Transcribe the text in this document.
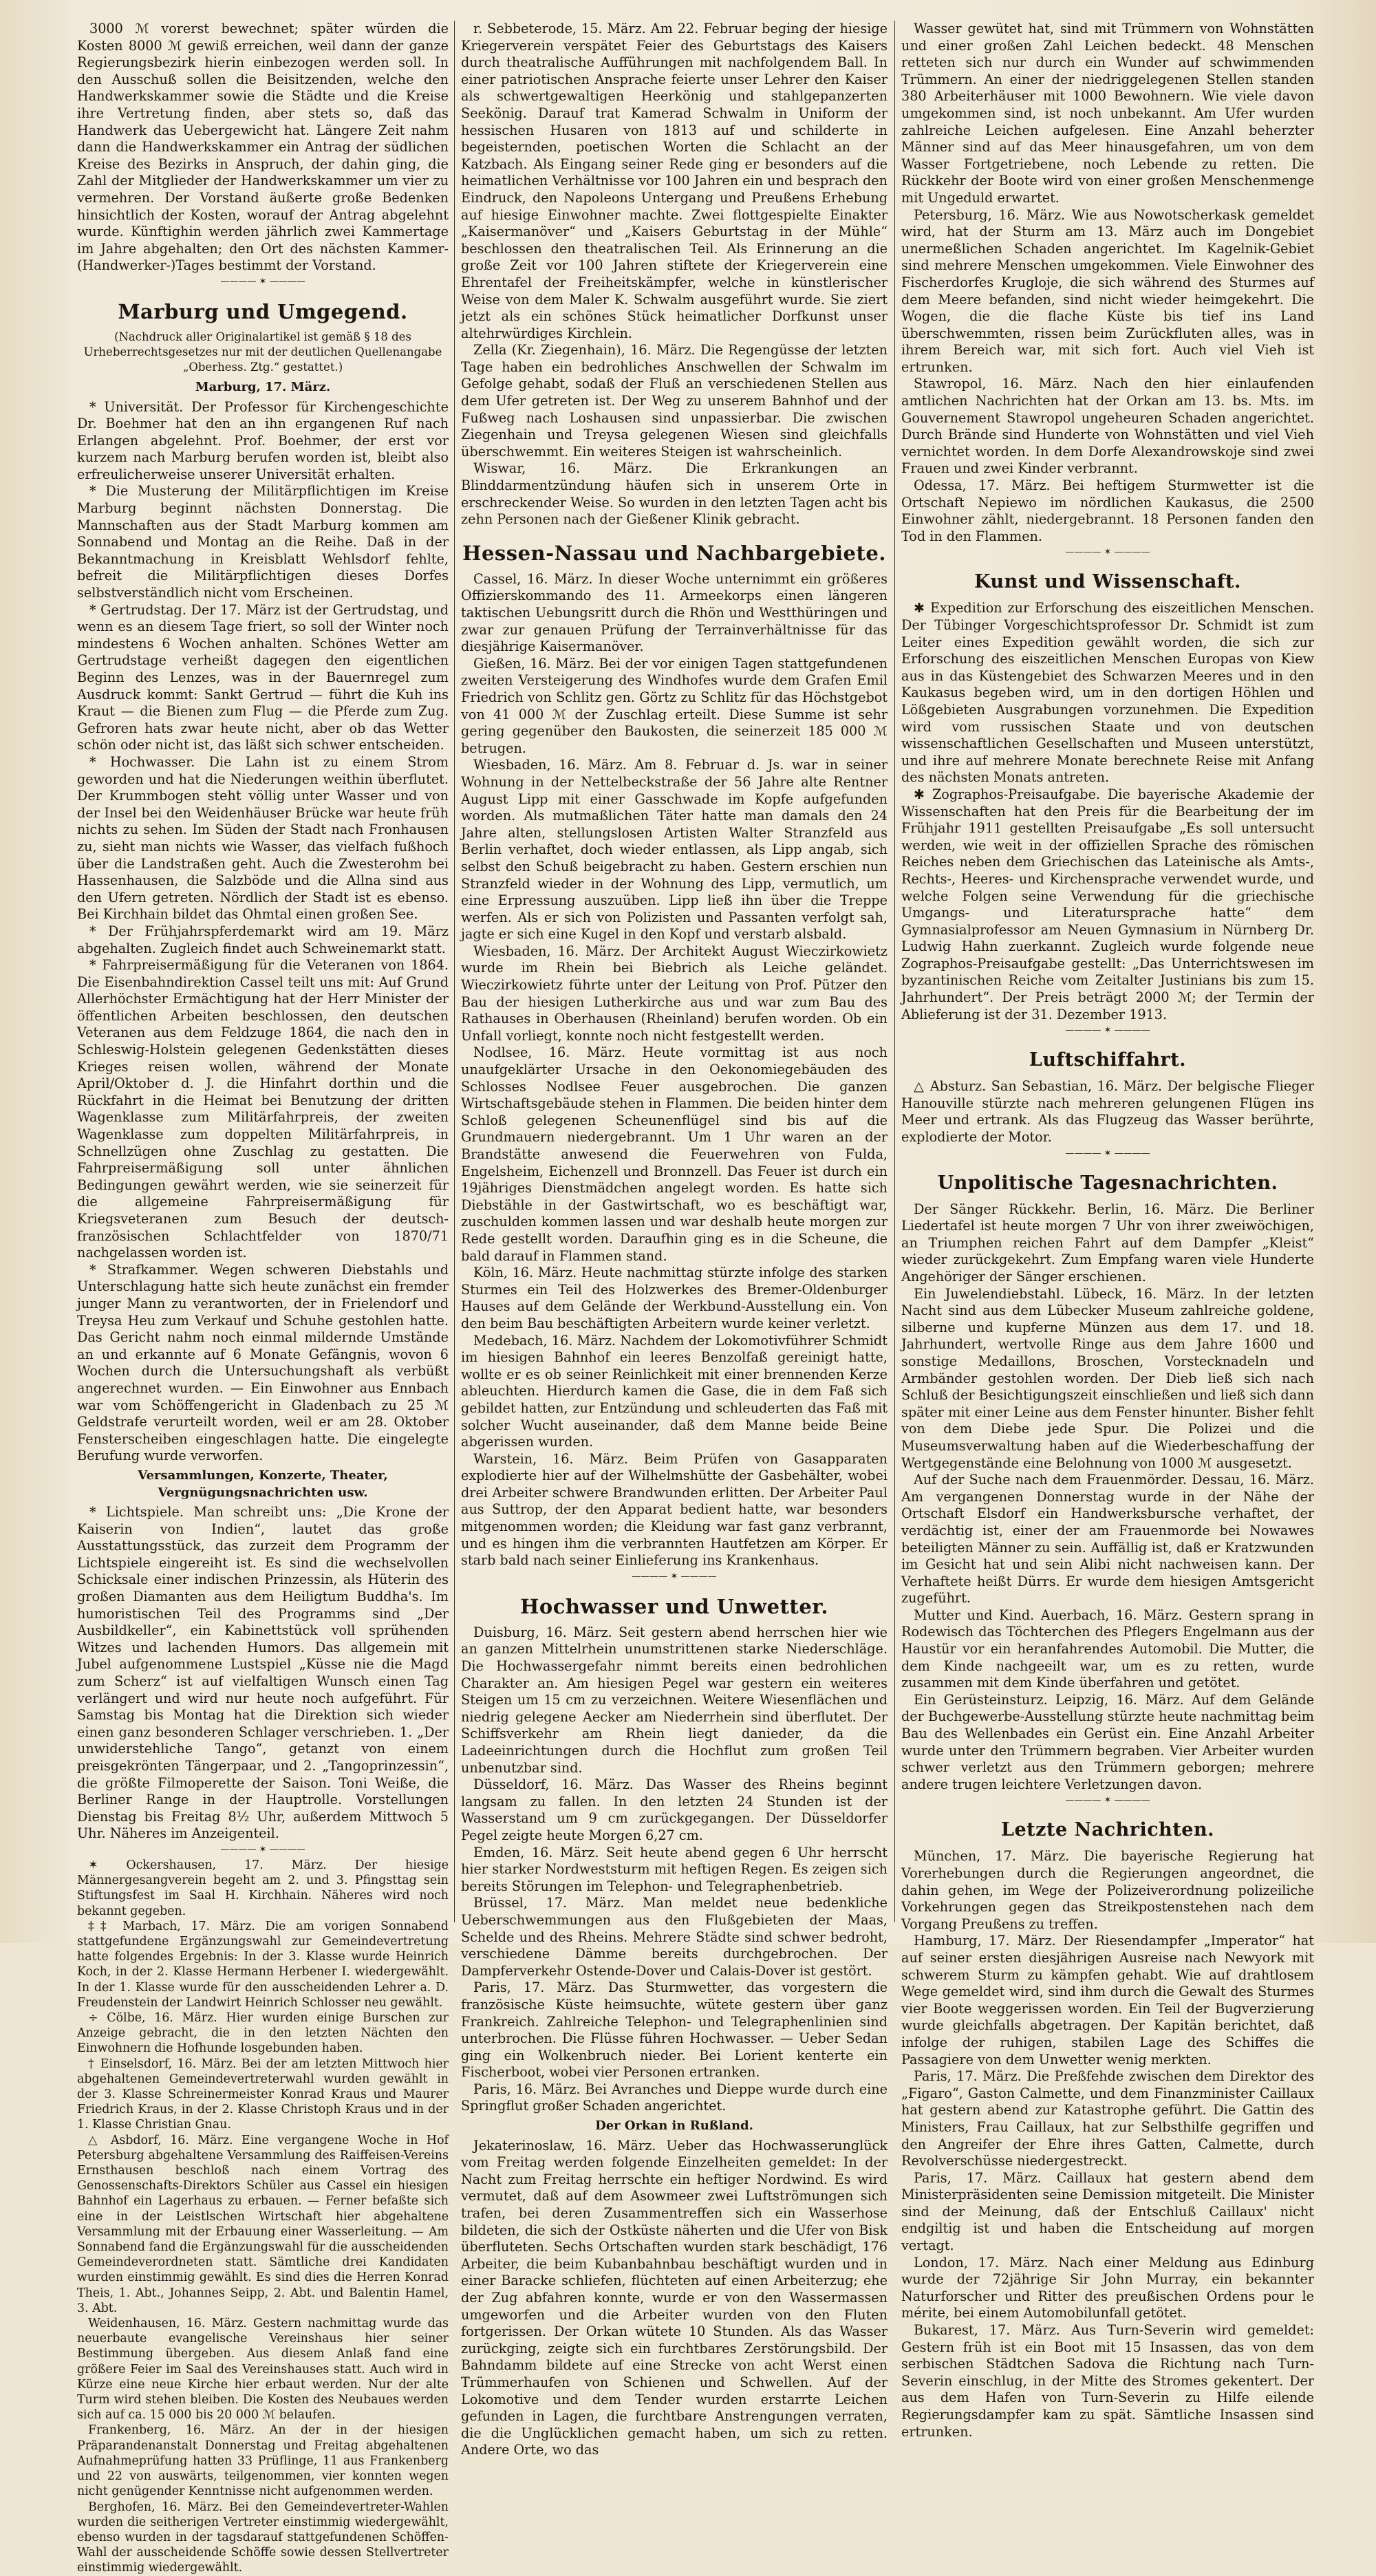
3000 ℳ vorerst bewechnet; später würden die Kosten 8000 ℳ gewiß erreichen, weil dann der ganze Regierungsbezirk hierin einbezogen werden soll. In den Ausschuß sollen die Beisitzenden, welche den Handwerkskammer sowie die Städte und die Kreise ihre Vertretung finden, aber stets so, daß das Handwerk das Uebergewicht hat. Längere Zeit nahm dann die Handwerkskammer ein Antrag der südlichen Kreise des Bezirks in Anspruch, der dahin ging, die Zahl der Mitglieder der Handwerkskammer um vier zu vermehren. Der Vorstand äußerte große Bedenken hinsichtlich der Kosten, worauf der Antrag abgelehnt wurde. Künftighin werden jährlich zwei Kammertage im Jahre abgehalten; den Ort des nächsten Kammer-(Handwerker-)Tages bestimmt der Vorstand.

———— ✶ ————
Marburg und Umgegend.
(Nachdruck aller Originalartikel ist gemäß § 18 des Urheberrechtsgesetzes nur mit der deutlichen Quellenangabe „Oberhess. Ztg.“ gestattet.)
Marburg, 17. März.

* Universität. Der Professor für Kirchengeschichte Dr. Boehmer hat den an ihn ergangenen Ruf nach Erlangen abgelehnt. Prof. Boehmer, der erst vor kurzem nach Marburg berufen worden ist, bleibt also erfreulicherweise unserer Universität erhalten.

* Die Musterung der Militärpflichtigen im Kreise Marburg beginnt nächsten Donnerstag. Die Mannschaften aus der Stadt Marburg kommen am Sonnabend und Montag an die Reihe. Daß in der Bekanntmachung in Kreisblatt Wehlsdorf fehlte, befreit die Militärpflichtigen dieses Dorfes selbstverständlich nicht vom Erscheinen.

* Gertrudstag. Der 17. März ist der Gertrudstag, und wenn es an diesem Tage friert, so soll der Winter noch mindestens 6 Wochen anhalten. Schönes Wetter am Gertrudstage verheißt dagegen den eigentlichen Beginn des Lenzes, was in der Bauernregel zum Ausdruck kommt: Sankt Gertrud — führt die Kuh ins Kraut — die Bienen zum Flug — die Pferde zum Zug. Gefroren hats zwar heute nicht, aber ob das Wetter schön oder nicht ist, das läßt sich schwer entscheiden.

* Hochwasser. Die Lahn ist zu einem Strom geworden und hat die Niederungen weithin überflutet. Der Krummbogen steht völlig unter Wasser und von der Insel bei den Weidenhäuser Brücke war heute früh nichts zu sehen. Im Süden der Stadt nach Fronhausen zu, sieht man nichts wie Wasser, das vielfach fußhoch über die Landstraßen geht. Auch die Zwesterohm bei Hassenhausen, die Salzböde und die Allna sind aus den Ufern getreten. Nördlich der Stadt ist es ebenso. Bei Kirchhain bildet das Ohmtal einen großen See.

* Der Frühjahrspferdemarkt wird am 19. März abgehalten. Zugleich findet auch Schweinemarkt statt.

* Fahrpreisermäßigung für die Veteranen von 1864. Die Eisenbahndirektion Cassel teilt uns mit: Auf Grund Allerhöchster Ermächtigung hat der Herr Minister der öffentlichen Arbeiten beschlossen, den deutschen Veteranen aus dem Feldzuge 1864, die nach den in Schleswig-Holstein gelegenen Gedenkstätten dieses Krieges reisen wollen, während der Monate April/Oktober d. J. die Hinfahrt dorthin und die Rückfahrt in die Heimat bei Benutzung der dritten Wagenklasse zum Militärfahrpreis, der zweiten Wagenklasse zum doppelten Militärfahrpreis, in Schnellzügen ohne Zuschlag zu gestatten. Die Fahrpreisermäßigung soll unter ähnlichen Bedingungen gewährt werden, wie sie seinerzeit für die allgemeine Fahrpreisermäßigung für Kriegsveteranen zum Besuch der deutsch-französischen Schlachtfelder von 1870/71 nachgelassen worden ist.

* Strafkammer. Wegen schweren Diebstahls und Unterschlagung hatte sich heute zunächst ein fremder junger Mann zu verantworten, der in Frielendorf und Treysa Heu zum Verkauf und Schuhe gestohlen hatte. Das Gericht nahm noch einmal mildernde Umstände an und erkannte auf 6 Monate Gefängnis, wovon 6 Wochen durch die Untersuchungshaft als verbüßt angerechnet wurden. — Ein Einwohner aus Ennbach war vom Schöffengericht in Gladenbach zu 25 ℳ Geldstrafe verurteilt worden, weil er am 28. Oktober Fensterscheiben eingeschlagen hatte. Die eingelegte Berufung wurde verworfen.

Versammlungen, Konzerte, Theater, Vergnügungsnachrichten usw.

* Lichtspiele. Man schreibt uns: „Die Krone der Kaiserin von Indien“, lautet das große Ausstattungsstück, das zurzeit dem Programm der Lichtspiele eingereiht ist. Es sind die wechselvollen Schicksale einer indischen Prinzessin, als Hüterin des großen Diamanten aus dem Heiligtum Buddha's. Im humoristischen Teil des Programms sind „Der Ausbildkeller“, ein Kabinettstück voll sprühenden Witzes und lachenden Humors. Das allgemein mit Jubel aufgenommene Lustspiel „Küsse nie die Magd zum Scherz“ ist auf vielfaltigen Wunsch einen Tag verlängert und wird nur heute noch aufgeführt. Für Samstag bis Montag hat die Direktion sich wieder einen ganz besonderen Schlager verschrieben. 1. „Der unwiderstehliche Tango“, getanzt von einem preisgekrönten Tängerpaar, und 2. „Tangoprinzessin“, die größte Filmoperette der Saison. Toni Weiße, die Berliner Range in der Hauptrolle. Vorstellungen Dienstag bis Freitag 8½ Uhr, außerdem Mittwoch 5 Uhr. Näheres im Anzeigenteil.

———— ✶ ————

✶ Ockershausen, 17. März. Der hiesige Männergesangverein begeht am 2. und 3. Pfingsttag sein Stiftungsfest im Saal H. Kirchhain. Näheres wird noch bekannt gegeben.

‡‡ Marbach, 17. März. Die am vorigen Sonnabend stattgefundene Ergänzungswahl zur Gemeindevertretung hatte folgendes Ergebnis: In der 3. Klasse wurde Heinrich Koch, in der 2. Klasse Hermann Herbener I. wiedergewählt. In der 1. Klasse wurde für den ausscheidenden Lehrer a. D. Freudenstein der Landwirt Heinrich Schlosser neu gewählt.

÷ Cölbe, 16. März. Hier wurden einige Burschen zur Anzeige gebracht, die in den letzten Nächten den Einwohnern die Hofhunde losgebunden haben.

† Einselsdorf, 16. März. Bei der am letzten Mittwoch hier abgehaltenen Gemeindevertreterwahl wurden gewählt in der 3. Klasse Schreinermeister Konrad Kraus und Maurer Friedrich Kraus, in der 2. Klasse Christoph Kraus und in der 1. Klasse Christian Gnau.

△ Asbdorf, 16. März. Eine vergangene Woche in Hof Petersburg abgehaltene Versammlung des Raiffeisen-Vereins Ernsthausen beschloß nach einem Vortrag des Genossenschafts-Direktors Schüler aus Cassel ein hiesigen Bahnhof ein Lagerhaus zu erbauen. — Ferner befaßte sich eine in der Leistlschen Wirtschaft hier abgehaltene Versammlung mit der Erbauung einer Wasserleitung. — Am Sonnabend fand die Ergänzungswahl für die ausscheidenden Gemeindeverordneten statt. Sämtliche drei Kandidaten wurden einstimmig gewählt. Es sind dies die Herren Konrad Theis, 1. Abt., Johannes Seipp, 2. Abt. und Balentin Hamel, 3. Abt.

Weidenhausen, 16. März. Gestern nachmittag wurde das neuerbaute evangelische Vereinshaus hier seiner Bestimmung übergeben. Aus diesem Anlaß fand eine größere Feier im Saal des Vereinshauses statt. Auch wird in Kürze eine neue Kirche hier erbaut werden. Nur der alte Turm wird stehen bleiben. Die Kosten des Neubaues werden sich auf ca. 15 000 bis 20 000 ℳ belaufen.

Frankenberg, 16. März. An der in der hiesigen Präparandenanstalt Donnerstag und Freitag abgehaltenen Aufnahmeprüfung hatten 33 Prüflinge, 11 aus Frankenberg und 22 von auswärts, teilgenommen, vier konnten wegen nicht genügender Kenntnisse nicht aufgenommen werden.

Berghofen, 16. März. Bei den Gemeindevertreter-Wahlen wurden die seitherigen Vertreter einstimmig wiedergewählt, ebenso wurden in der tagsdarauf stattgefundenen Schöffen-Wahl der ausscheidende Schöffe sowie dessen Stellvertreter einstimmig wiedergewählt.

r. Sebbeterode, 15. März. Am 22. Februar beging der hiesige Kriegerverein verspätet Feier des Geburtstags des Kaisers durch theatralische Aufführungen mit nachfolgendem Ball. In einer patriotischen Ansprache feierte unser Lehrer den Kaiser als schwertgewaltigen Heerkönig und stahlgepanzerten Seekönig. Darauf trat Kamerad Schwalm in Uniform der hessischen Husaren von 1813 auf und schilderte in begeisternden, poetischen Worten die Schlacht an der Katzbach. Als Eingang seiner Rede ging er besonders auf die heimatlichen Verhältnisse vor 100 Jahren ein und besprach den Eindruck, den Napoleons Untergang und Preußens Erhebung auf hiesige Einwohner machte. Zwei flottgespielte Einakter „Kaisermanöver“ und „Kaisers Geburtstag in der Mühle“ beschlossen den theatralischen Teil. Als Erinnerung an die große Zeit vor 100 Jahren stiftete der Kriegerverein eine Ehrentafel der Freiheitskämpfer, welche in künstlerischer Weise von dem Maler K. Schwalm ausgeführt wurde. Sie ziert jetzt als ein schönes Stück heimatlicher Dorfkunst unser altehrwürdiges Kirchlein.

Zella (Kr. Ziegenhain), 16. März. Die Regengüsse der letzten Tage haben ein bedrohliches Anschwellen der Schwalm im Gefolge gehabt, sodaß der Fluß an verschiedenen Stellen aus dem Ufer getreten ist. Der Weg zu unserem Bahnhof und der Fußweg nach Loshausen sind unpassierbar. Die zwischen Ziegenhain und Treysa gelegenen Wiesen sind gleichfalls überschwemmt. Ein weiteres Steigen ist wahrscheinlich.

Wiswar, 16. März. Die Erkrankungen an Blinddarmentzündung häufen sich in unserem Orte in erschreckender Weise. So wurden in den letzten Tagen acht bis zehn Personen nach der Gießener Klinik gebracht.

Hessen-Nassau und Nachbargebiete.

Cassel, 16. März. In dieser Woche unternimmt ein größeres Offizierskommando des 11. Armeekorps einen längeren taktischen Uebungsritt durch die Rhön und Westthüringen und zwar zur genauen Prüfung der Terrainverhältnisse für das diesjährige Kaisermanöver.

Gießen, 16. März. Bei der vor einigen Tagen stattgefundenen zweiten Versteigerung des Windhofes wurde dem Grafen Emil Friedrich von Schlitz gen. Görtz zu Schlitz für das Höchstgebot von 41 000 ℳ der Zuschlag erteilt. Diese Summe ist sehr gering gegenüber den Baukosten, die seinerzeit 185 000 ℳ betrugen.

Wiesbaden, 16. März. Am 8. Februar d. Js. war in seiner Wohnung in der Nettelbeckstraße der 56 Jahre alte Rentner August Lipp mit einer Gasschwade im Kopfe aufgefunden worden. Als mutmaßlichen Täter hatte man damals den 24 Jahre alten, stellungslosen Artisten Walter Stranzfeld aus Berlin verhaftet, doch wieder entlassen, als Lipp angab, sich selbst den Schuß beigebracht zu haben. Gestern erschien nun Stranzfeld wieder in der Wohnung des Lipp, vermutlich, um eine Erpressung auszuüben. Lipp ließ ihn über die Treppe werfen. Als er sich von Polizisten und Passanten verfolgt sah, jagte er sich eine Kugel in den Kopf und verstarb alsbald.

Wiesbaden, 16. März. Der Architekt August Wieczirkowietz wurde im Rhein bei Biebrich als Leiche geländet. Wieczirkowietz führte unter der Leitung von Prof. Pützer den Bau der hiesigen Lutherkirche aus und war zum Bau des Rathauses in Oberhausen (Rheinland) berufen worden. Ob ein Unfall vorliegt, konnte noch nicht festgestellt werden.

Nodlsee, 16. März. Heute vormittag ist aus noch unaufgeklärter Ursache in den Oekonomiegebäuden des Schlosses Nodlsee Feuer ausgebrochen. Die ganzen Wirtschaftsgebäude stehen in Flammen. Die beiden hinter dem Schloß gelegenen Scheunenflügel sind bis auf die Grundmauern niedergebrannt. Um 1 Uhr waren an der Brandstätte anwesend die Feuerwehren von Fulda, Engelsheim, Eichenzell und Bronnzell. Das Feuer ist durch ein 19jähriges Dienstmädchen angelegt worden. Es hatte sich Diebstähle in der Gastwirtschaft, wo es beschäftigt war, zuschulden kommen lassen und war deshalb heute morgen zur Rede gestellt worden. Daraufhin ging es in die Scheune, die bald darauf in Flammen stand.

Köln, 16. März. Heute nachmittag stürzte infolge des starken Sturmes ein Teil des Holzwerkes des Bremer-Oldenburger Hauses auf dem Gelände der Werkbund-Ausstellung ein. Von den beim Bau beschäftigten Arbeitern wurde keiner verletzt.

Medebach, 16. März. Nachdem der Lokomotivführer Schmidt im hiesigen Bahnhof ein leeres Benzolfaß gereinigt hatte, wollte er es ob seiner Reinlichkeit mit einer brennenden Kerze ableuchten. Hierdurch kamen die Gase, die in dem Faß sich gebildet hatten, zur Entzündung und schleuderten das Faß mit solcher Wucht auseinander, daß dem Manne beide Beine abgerissen wurden.

Warstein, 16. März. Beim Prüfen von Gasapparaten explodierte hier auf der Wilhelmshütte der Gasbehälter, wobei drei Arbeiter schwere Brandwunden erlitten. Der Arbeiter Paul aus Suttrop, der den Apparat bedient hatte, war besonders mitgenommen worden; die Kleidung war fast ganz verbrannt, und es hingen ihm die verbrannten Hautfetzen am Körper. Er starb bald nach seiner Einlieferung ins Krankenhaus.

———— ✶ ————
Hochwasser und Unwetter.

Duisburg, 16. März. Seit gestern abend herrschen hier wie an ganzen Mittelrhein unumstrittenen starke Niederschläge. Die Hochwassergefahr nimmt bereits einen bedrohlichen Charakter an. Am hiesigen Pegel war gestern ein weiteres Steigen um 15 cm zu verzeichnen. Weitere Wiesenflächen und niedrig gelegene Aecker am Niederrhein sind überflutet. Der Schiffsverkehr am Rhein liegt danieder, da die Ladeeinrichtungen durch die Hochflut zum großen Teil unbenutzbar sind.

Düsseldorf, 16. März. Das Wasser des Rheins beginnt langsam zu fallen. In den letzten 24 Stunden ist der Wasserstand um 9 cm zurückgegangen. Der Düsseldorfer Pegel zeigte heute Morgen 6,27 cm.

Emden, 16. März. Seit heute abend gegen 6 Uhr herrscht hier starker Nordweststurm mit heftigen Regen. Es zeigen sich bereits Störungen im Telephon- und Telegraphenbetrieb.

Brüssel, 17. März. Man meldet neue bedenkliche Ueberschwemmungen aus den Flußgebieten der Maas, Schelde und des Rheins. Mehrere Städte sind schwer bedroht, verschiedene Dämme bereits durchgebrochen. Der Dampferverkehr Ostende-Dover und Calais-Dover ist gestört.

Paris, 17. März. Das Sturmwetter, das vorgestern die französische Küste heimsuchte, wütete gestern über ganz Frankreich. Zahlreiche Telephon- und Telegraphenlinien sind unterbrochen. Die Flüsse führen Hochwasser. — Ueber Sedan ging ein Wolkenbruch nieder. Bei Lorient kenterte ein Fischerboot, wobei vier Personen ertranken.

Paris, 16. März. Bei Avranches und Dieppe wurde durch eine Springflut großer Schaden angerichtet.

Der Orkan in Rußland.

Jekaterinoslaw, 16. März. Ueber das Hochwasserunglück vom Freitag werden folgende Einzelheiten gemeldet: In der Nacht zum Freitag herrschte ein heftiger Nordwind. Es wird vermutet, daß auf dem Asowmeer zwei Luftströmungen sich trafen, bei deren Zusammentreffen sich ein Wasserhose bildeten, die sich der Ostküste näherten und die Ufer von Bisk überfluteten. Sechs Ortschaften wurden stark beschädigt, 176 Arbeiter, die beim Kubanbahnbau beschäftigt wurden und in einer Baracke schliefen, flüchteten auf einen Arbeiterzug; ehe der Zug abfahren konnte, wurde er von den Wassermassen umgeworfen und die Arbeiter wurden von den Fluten fortgerissen. Der Orkan wütete 10 Stunden. Als das Wasser zurückging, zeigte sich ein furchtbares Zerstörungsbild. Der Bahndamm bildete auf eine Strecke von acht Werst einen Trümmerhaufen von Schienen und Schwellen. Auf der Lokomotive und dem Tender wurden erstarrte Leichen gefunden in Lagen, die furchtbare Anstrengungen verraten, die die Unglücklichen gemacht haben, um sich zu retten. Andere Orte, wo das

Wasser gewütet hat, sind mit Trümmern von Wohnstätten und einer großen Zahl Leichen bedeckt. 48 Menschen retteten sich nur durch ein Wunder auf schwimmenden Trümmern. An einer der niedriggelegenen Stellen standen 380 Arbeiterhäuser mit 1000 Bewohnern. Wie viele davon umgekommen sind, ist noch unbekannt. Am Ufer wurden zahlreiche Leichen aufgelesen. Eine Anzahl beherzter Männer sind auf das Meer hinausgefahren, um von dem Wasser Fortgetriebene, noch Lebende zu retten. Die Rückkehr der Boote wird von einer großen Menschenmenge mit Ungeduld erwartet.

Petersburg, 16. März. Wie aus Nowotscherkask gemeldet wird, hat der Sturm am 13. März auch im Dongebiet unermeßlichen Schaden angerichtet. Im Kagelnik-Gebiet sind mehrere Menschen umgekommen. Viele Einwohner des Fischerdorfes Krugloje, die sich während des Sturmes auf dem Meere befanden, sind nicht wieder heimgekehrt. Die Wogen, die die flache Küste bis tief ins Land überschwemmten, rissen beim Zurückfluten alles, was in ihrem Bereich war, mit sich fort. Auch viel Vieh ist ertrunken.

Stawropol, 16. März. Nach den hier einlaufenden amtlichen Nachrichten hat der Orkan am 13. bs. Mts. im Gouvernement Stawropol ungeheuren Schaden angerichtet. Durch Brände sind Hunderte von Wohnstätten und viel Vieh vernichtet worden. In dem Dorfe Alexandrowskoje sind zwei Frauen und zwei Kinder verbrannt.

Odessa, 17. März. Bei heftigem Sturmwetter ist die Ortschaft Nepiewo im nördlichen Kaukasus, die 2500 Einwohner zählt, niedergebrannt. 18 Personen fanden den Tod in den Flammen.

———— ✶ ————
Kunst und Wissenschaft.

✱ Expedition zur Erforschung des eiszeitlichen Menschen. Der Tübinger Vorgeschichtsprofessor Dr. Schmidt ist zum Leiter eines Expedition gewählt worden, die sich zur Erforschung des eiszeitlichen Menschen Europas von Kiew aus in das Küstengebiet des Schwarzen Meeres und in den Kaukasus begeben wird, um in den dortigen Höhlen und Lößgebieten Ausgrabungen vorzunehmen. Die Expedition wird vom russischen Staate und von deutschen wissenschaftlichen Gesellschaften und Museen unterstützt, und ihre auf mehrere Monate berechnete Reise mit Anfang des nächsten Monats antreten.

✱ Zographos-Preisaufgabe. Die bayerische Akademie der Wissenschaften hat den Preis für die Bearbeitung der im Frühjahr 1911 gestellten Preisaufgabe „Es soll untersucht werden, wie weit in der offiziellen Sprache des römischen Reiches neben dem Griechischen das Lateinische als Amts-, Rechts-, Heeres- und Kirchensprache verwendet wurde, und welche Folgen seine Verwendung für die griechische Umgangs- und Literatursprache hatte“ dem Gymnasialprofessor am Neuen Gymnasium in Nürnberg Dr. Ludwig Hahn zuerkannt. Zugleich wurde folgende neue Zographos-Preisaufgabe gestellt: „Das Unterrichtswesen im byzantinischen Reiche vom Zeitalter Justinians bis zum 15. Jahrhundert“. Der Preis beträgt 2000 ℳ; der Termin der Ablieferung ist der 31. Dezember 1913.

———— ✶ ————
Luftschiffahrt.

△ Absturz. San Sebastian, 16. März. Der belgische Flieger Hanouville stürzte nach mehreren gelungenen Flügen ins Meer und ertrank. Als das Flugzeug das Wasser berührte, explodierte der Motor.

———— ✶ ————
Unpolitische Tagesnachrichten.

Der Sänger Rückkehr. Berlin, 16. März. Die Berliner Liedertafel ist heute morgen 7 Uhr von ihrer zweiwöchigen, an Triumphen reichen Fahrt auf dem Dampfer „Kleist“ wieder zurückgekehrt. Zum Empfang waren viele Hunderte Angehöriger der Sänger erschienen.

Ein Juwelendiebstahl. Lübeck, 16. März. In der letzten Nacht sind aus dem Lübecker Museum zahlreiche goldene, silberne und kupferne Münzen aus dem 17. und 18. Jahrhundert, wertvolle Ringe aus dem Jahre 1600 und sonstige Medaillons, Broschen, Vorstecknadeln und Armbänder gestohlen worden. Der Dieb ließ sich nach Schluß der Besichtigungszeit einschließen und ließ sich dann später mit einer Leine aus dem Fenster hinunter. Bisher fehlt von dem Diebe jede Spur. Die Polizei und die Museumsverwaltung haben auf die Wiederbeschaffung der Wertgegenstände eine Belohnung von 1000 ℳ ausgesetzt.

Auf der Suche nach dem Frauenmörder. Dessau, 16. März. Am vergangenen Donnerstag wurde in der Nähe der Ortschaft Elsdorf ein Handwerksbursche verhaftet, der verdächtig ist, einer der am Frauenmorde bei Nowawes beteiligten Männer zu sein. Auffällig ist, daß er Kratzwunden im Gesicht hat und sein Alibi nicht nachweisen kann. Der Verhaftete heißt Dürrs. Er wurde dem hiesigen Amtsgericht zugeführt.

Mutter und Kind. Auerbach, 16. März. Gestern sprang in Rodewisch das Töchterchen des Pflegers Engelmann aus der Haustür vor ein heranfahrendes Automobil. Die Mutter, die dem Kinde nachgeeilt war, um es zu retten, wurde zusammen mit dem Kinde überfahren und getötet.

Ein Gerüsteinsturz. Leipzig, 16. März. Auf dem Gelände der Buchgewerbe-Ausstellung stürzte heute nachmittag beim Bau des Wellenbades ein Gerüst ein. Eine Anzahl Arbeiter wurde unter den Trümmern begraben. Vier Arbeiter wurden schwer verletzt aus den Trümmern geborgen; mehrere andere trugen leichtere Verletzungen davon.

———— ✶ ————
Letzte Nachrichten.

München, 17. März. Die bayerische Regierung hat Vorerhebungen durch die Regierungen angeordnet, die dahin gehen, im Wege der Polizeiverordnung polizeiliche Vorkehrungen gegen das Streikpostenstehen nach dem Vorgang Preußens zu treffen.

Hamburg, 17. März. Der Riesendampfer „Imperator“ hat auf seiner ersten diesjährigen Ausreise nach Newyork mit schwerem Sturm zu kämpfen gehabt. Wie auf drahtlosem Wege gemeldet wird, sind ihm durch die Gewalt des Sturmes vier Boote weggerissen worden. Ein Teil der Bugverzierung wurde gleichfalls abgetragen. Der Kapitän berichtet, daß infolge der ruhigen, stabilen Lage des Schiffes die Passagiere von dem Unwetter wenig merkten.

Paris, 17. März. Die Preßfehde zwischen dem Direktor des „Figaro“, Gaston Calmette, und dem Finanzminister Caillaux hat gestern abend zur Katastrophe geführt. Die Gattin des Ministers, Frau Caillaux, hat zur Selbsthilfe gegriffen und den Angreifer der Ehre ihres Gatten, Calmette, durch Revolverschüsse niedergestreckt.

Paris, 17. März. Caillaux hat gestern abend dem Ministerpräsidenten seine Demission mitgeteilt. Die Minister sind der Meinung, daß der Entschluß Caillaux' nicht endgiltig ist und haben die Entscheidung auf morgen vertagt.

London, 17. März. Nach einer Meldung aus Edinburg wurde der 72jährige Sir John Murray, ein bekannter Naturforscher und Ritter des preußischen Ordens pour le mérite, bei einem Automobilunfall getötet.

Bukarest, 17. März. Aus Turn-Severin wird gemeldet: Gestern früh ist ein Boot mit 15 Insassen, das von dem serbischen Städtchen Sadova die Richtung nach Turn-Severin einschlug, in der Mitte des Stromes gekentert. Der aus dem Hafen von Turn-Severin zu Hilfe eilende Regierungsdampfer kam zu spät. Sämtliche Insassen sind ertrunken.
